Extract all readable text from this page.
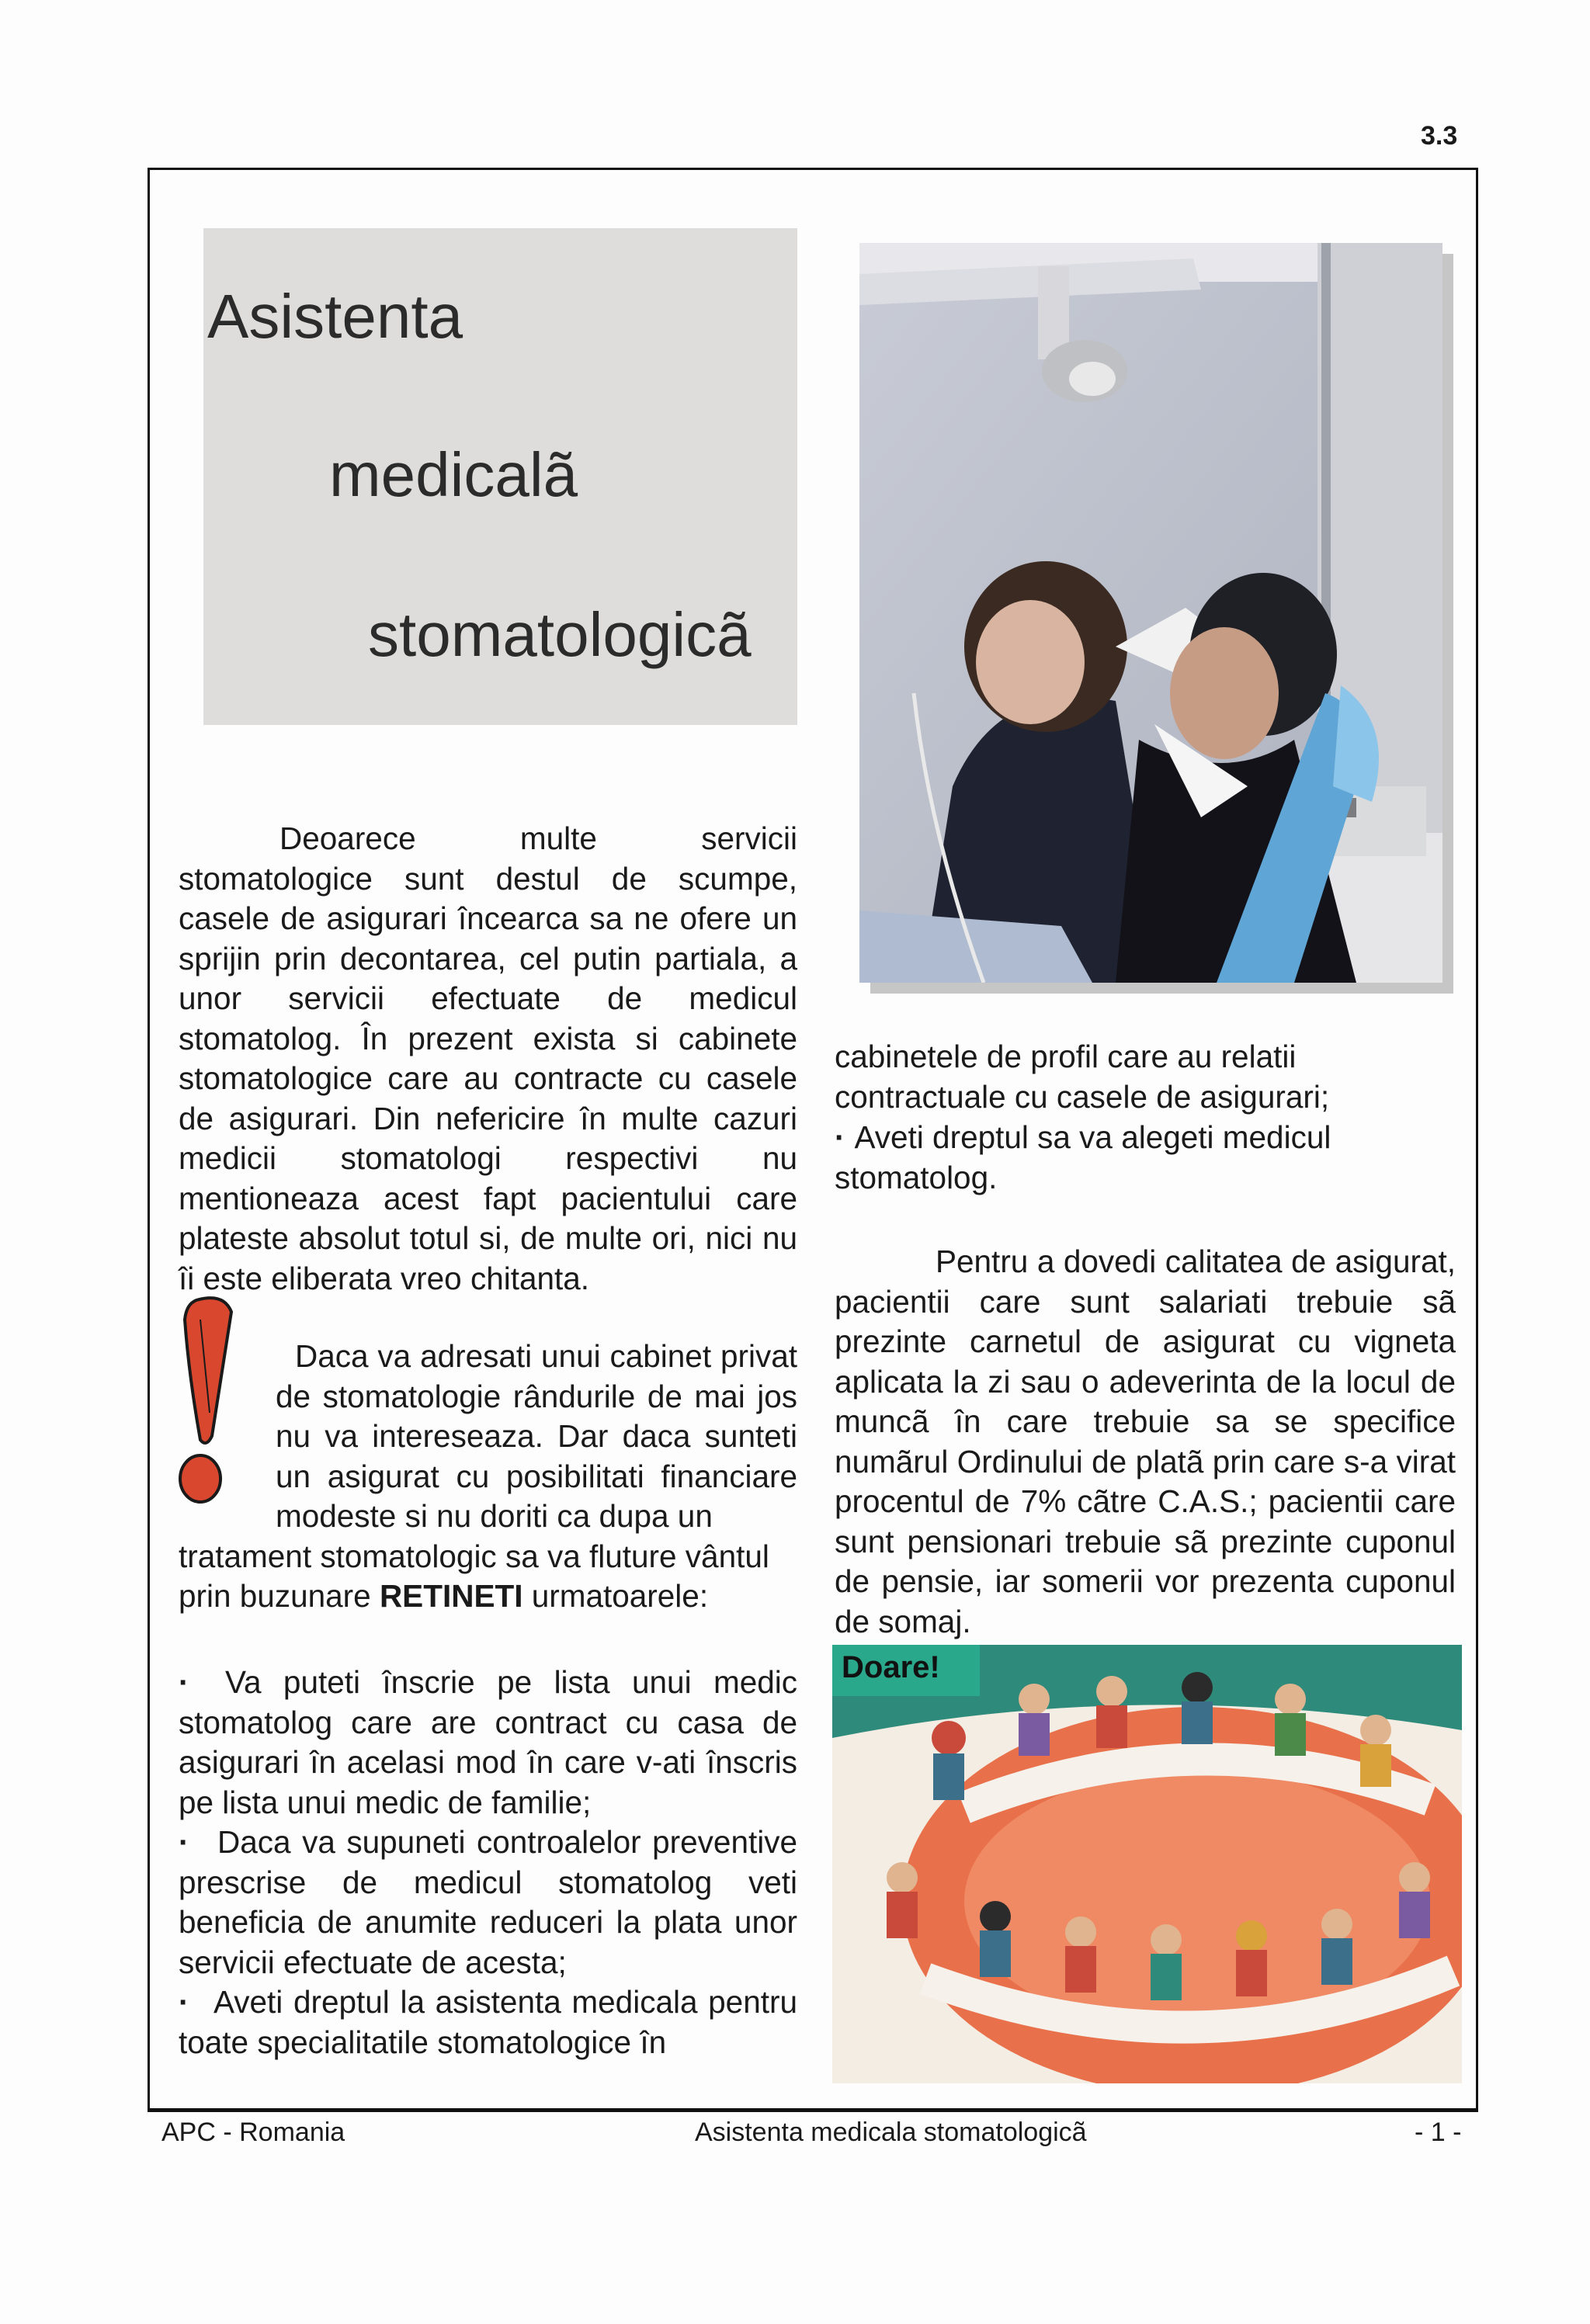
3.3
Asistenta
medicalã
stomatologicã
Deoarece multe servicii stomatologice sunt destul de scumpe, casele de asigurari încearca sa ne ofere un sprijin prin decontarea, cel putin partiala, a unor servicii efectuate de medicul stomatolog. În prezent exista si cabinete stomatologice care au contracte cu casele de asigurari. Din nefericire în multe cazuri medicii stomatologi respectivi nu mentioneaza acest fapt pacientului care plateste absolut totul si, de multe ori, nici nu îi este eliberata vreo chitanta.
Daca va adresati unui cabinet privat de stomatologie rândurile de mai jos nu va intereseaza. Dar daca sunteti un asigurat cu posibilitati financiare modeste si nu doriti ca dupa un
tratament stomatologic sa va fluture vântul prin buzunare RETINETI urmatoarele:
· Va puteti înscrie pe lista unui medic stomatolog care are contract cu casa de asigurari în acelasi mod în care v-ati înscris pe lista unui medic de familie;
· Daca va supuneti controalelor preventive prescrise de medicul stomatolog veti beneficia de anumite reduceri la plata unor servicii efectuate de acesta;
· Aveti dreptul la asistenta medicala pentru toate specialitatile stomatologice în
cabinetele de profil care au relatii contractuale cu casele de asigurari;
· Aveti dreptul sa va alegeti medicul stomatolog.
Pentru a dovedi calitatea de asigurat, pacientii care sunt salariati trebuie sã prezinte carnetul de asigurat cu vigneta aplicata la zi sau o adeverinta de la locul de muncã în care trebuie sa se specifice numãrul Ordinului de platã prin care s-a virat procentul de 7% cãtre C.A.S.; pacientii care sunt pensionari trebuie sã prezinte cuponul de pensie, iar somerii vor prezenta cuponul de somaj.
Doare!
APC - Romania	Asistenta medicala stomatologicã	- 1 -
